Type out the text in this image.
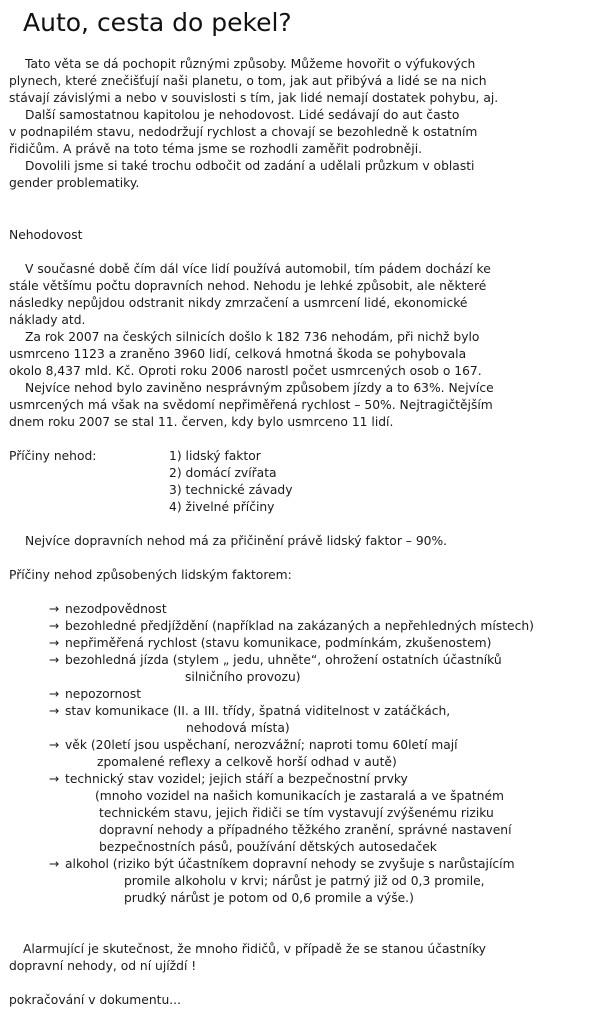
Auto, cesta do pekel?
Tato věta se dá pochopit různými způsoby. Můžeme hovořit o výfukových
plynech, které znečišťují naši planetu, o tom, jak aut přibývá a lidé se na nich
stávají závislými a nebo v souvislosti s tím, jak lidé nemají dostatek pohybu, aj.
Další samostatnou kapitolou je nehodovost. Lidé sedávají do aut často
v podnapilém stavu, nedodržují rychlost a chovají se bezohledně k ostatním
řidičům. A právě na toto téma jsme se rozhodli zaměřit podrobněji.
Dovolili jsme si také trochu odbočit od zadání a udělali průzkum v oblasti
gender problematiky.
Nehodovost
V současné době čím dál více lidí používá automobil, tím pádem dochází ke
stále většímu počtu dopravních nehod. Nehodu je lehké způsobit, ale některé
následky nepůjdou odstranit nikdy zmrzačení a usmrcení lidé, ekonomické
náklady atd.
Za rok 2007 na českých silnicích došlo k 182 736 nehodám, při nichž bylo
usmrceno 1123 a zraněno 3960 lidí, celková hmotná škoda se pohybovala
okolo 8,437 mld. Kč. Oproti roku 2006 narostl počet usmrcených osob o 167.
Nejvíce nehod bylo zaviněno nesprávným způsobem jízdy a to 63%. Nejvíce
usmrcených má však na svědomí nepřiměřená rychlost – 50%. Nejtragičtějším
dnem roku 2007 se stal 11. červen, kdy bylo usmrceno 11 lidí.
Příčiny nehod:	1) lidský faktor
2) domácí zvířata
3) technické závady
4) živelné příčiny
Nejvíce dopravních nehod má za přičinění právě lidský faktor – 90%.
Příčiny nehod způsobených lidským faktorem:
→ nezodpovědnost
→ bezohledné předjíždění (například na zakázaných a nepřehledných místech)
→ nepřiměřená rychlost (stavu komunikace, podmínkám, zkušenostem)
→ bezohledná jízda (stylem „ jedu, uhněte“, ohrožení ostatních účastníků
silničního provozu)
→ nepozornost
→ stav komunikace (II. a III. třídy, špatná viditelnost v zatáčkách,
nehodová místa)
→ věk (20letí jsou uspěchaní, nerozvážní; naproti tomu 60letí mají
zpomalené reflexy a celkově horší odhad v autě)
→ technický stav vozidel; jejich stáří a bezpečnostní prvky
(mnoho vozidel na našich komunikacích je zastaralá a ve špatném
technickém stavu, jejich řidiči se tím vystavují zvýšenému riziku
dopravní nehody a případného těžkého zranění, správné nastavení
bezpečnostních pásů, používání dětských autosedaček
→ alkohol (riziko být účastníkem dopravní nehody se zvyšuje s narůstajícím
promile alkoholu v krvi; nárůst je patrný již od 0,3 promile,
prudký nárůst je potom od 0,6 promile a výše.)
Alarmující je skutečnost, že mnoho řidičů, v případě že se stanou účastníky
dopravní nehody, od ní ujíždí !
pokračování v dokumentu...
